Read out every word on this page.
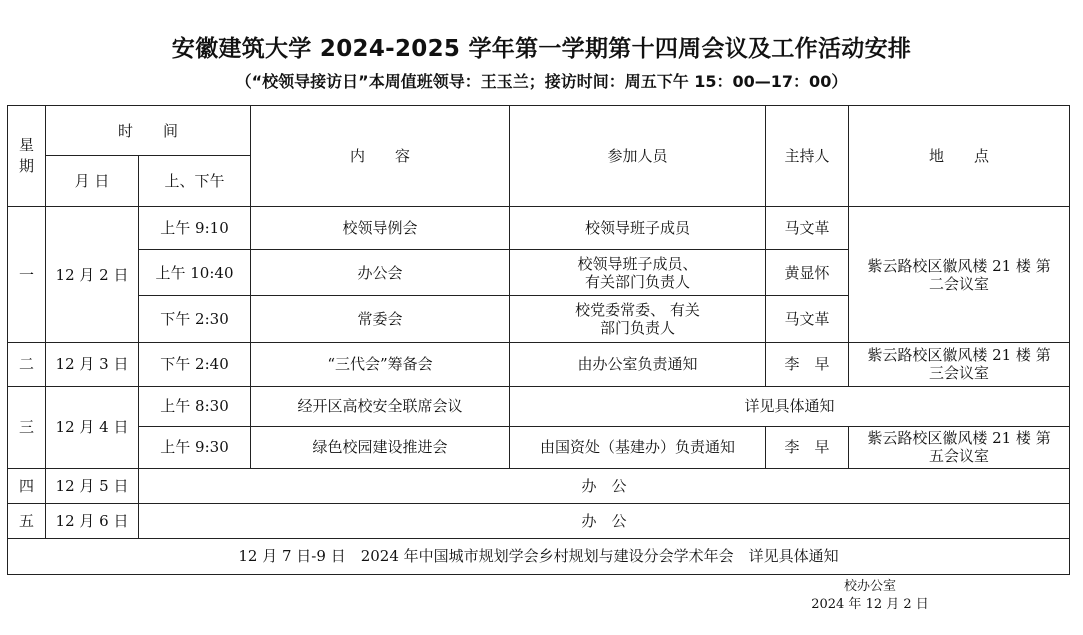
安徽建筑大学 2024-2025 学年第一学期第十四周会议及工作活动安排
（“校领导接访日”本周值班领导：王玉兰；接访时间：周五下午 15：00—17：00）
星 期	时　　间		内　　容	参加人员	主持人	地　　点
	月 日	上、下午				
一	12 月 2 日	上午 9:10	校领导例会	校领导班子成员	马文革	紫云路校区徽风楼 21 楼 第二会议室
		上午 10:40	办公会	校领导班子成员、 有关部门负责人	黄显怀	
		下午 2:30	常委会	校党委常委、 有关部门负责人	马文革	
二	12 月 3 日	下午 2:40	“三代会”筹备会	由办公室负责通知	李　早	紫云路校区徽风楼 21 楼 第三会议室
三	12 月 4 日	上午 8:30	经开区高校安全联席会议	详见具体通知		
		上午 9:30	绿色校园建设推进会	由国资处（基建办）负责通知	李　早	紫云路校区徽风楼 21 楼 第五会议室
四	12 月 5 日	办　公				
五	12 月 6 日	办　公				
12 月 7 日-9 日　2024 年中国城市规划学会乡村规划与建设分会学术年会　详见具体通知						
校办公室
2024 年 12 月 2 日
